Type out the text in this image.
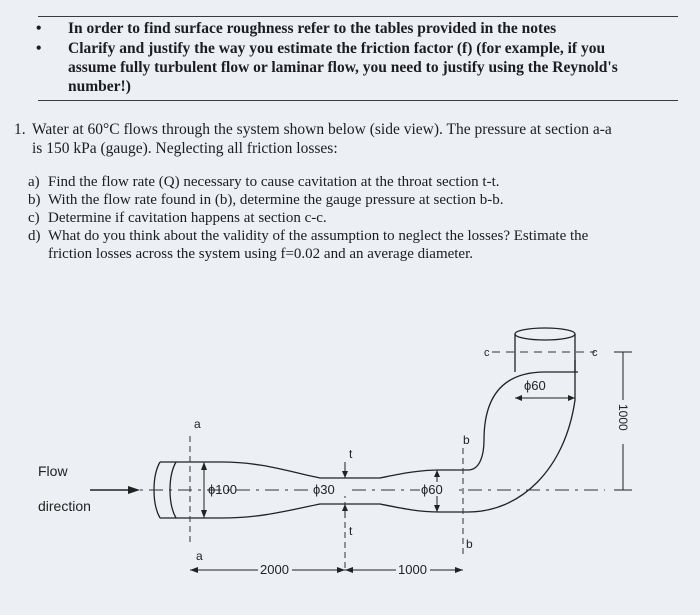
•	In order to find surface roughness refer to the tables provided in the notes
•	Clarify and justify the way you estimate the friction factor (f) (for example, if you
assume fully turbulent flow or laminar flow, you need to justify using the Reynold's
number!)
1. Water at 60°C flows through the system shown below (side view). The pressure at section a-a
is 150 kPa (gauge). Neglecting all friction losses:
a) Find the flow rate (Q) necessary to cause cavitation at the throat section t-t.
b) With the flow rate found in (b), determine the gauge pressure at section b-b.
c) Determine if cavitation happens at section c-c.
d) What do you think about the validity of the assumption to neglect the losses? Estimate the
friction losses across the system using f=0.02 and an average diameter.
Flow
direction
a
a
ϕ100
t
t
ϕ30
b
b
ϕ60
c	c
ϕ60
1000
2000	1000
